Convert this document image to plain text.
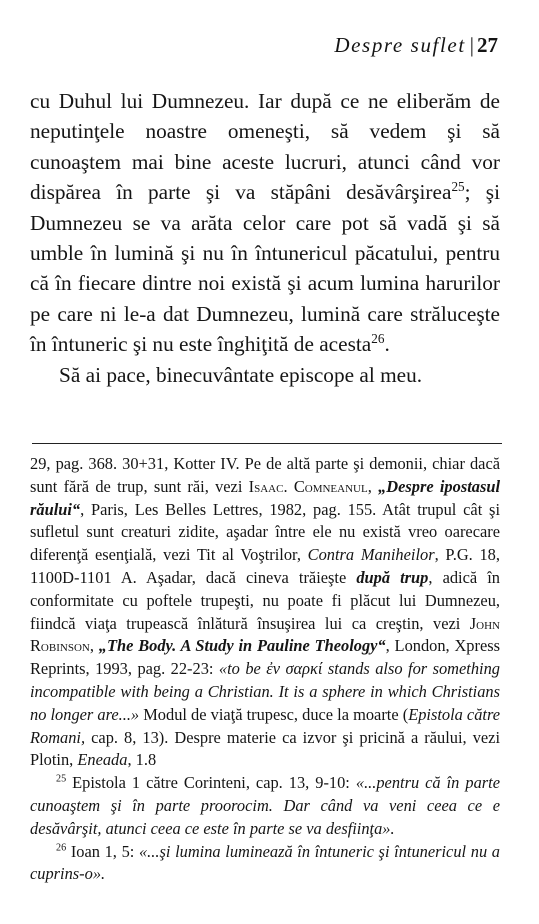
Despre suflet | 27

cu Duhul lui Dumnezeu. Iar după ce ne eliberăm de neputinţele noastre omeneşti, să vedem şi să cunoaştem mai bine aceste lucruri, atunci când vor dispărea în parte şi va stăpâni desăvârşirea$^{25}$; şi Dumnezeu se va arăta celor care pot să vadă şi să umble în lumină şi nu în întunericul păcatului, pentru că în fiecare dintre noi există şi acum lumina harurilor pe care ni le-a dat Dumnezeu, lumină care străluceşte în întuneric şi nu este înghiţită de acesta$^{26}$.

Să ai pace, binecuvântate episcope al meu.

29, pag. 368. 30+31, Kotter IV. Pe de altă parte şi demonii, chiar dacă sunt fără de trup, sunt răi, vezi Isaac. Comneanul, „Despre ipostasul răului“, Paris, Les Belles Lettres, 1982, pag. 155. Atât trupul cât şi sufletul sunt creaturi zidite, aşadar între ele nu există vreo oarecare diferenţă esenţială, vezi Tit al Voştrilor, Contra Maniheilor, P.G. 18, 1100D-1101 A. Aşadar, dacă cineva trăieşte după trup, adică în conformitate cu poftele trupeşti, nu poate fi plăcut lui Dumnezeu, fiindcă viaţa trupească înlătură însuşirea lui ca creştin, vezi John Robinson, „The Body. A Study in Pauline Theology“, London, Xpress Reprints, 1993, pag. 22-23: «to be ἐν σαρκί stands also for something incompatible with being a Christian. It is a sphere in which Christians no longer are...» Modul de viaţă trupesc, duce la moarte (Epistola către Romani, cap. 8, 13). Despre materie ca izvor şi pricină a răului, vezi Plotin, Eneada, 1.8

$^{25}$ Epistola 1 către Corinteni, cap. 13, 9-10: «...pentru că în parte cunoaştem şi în parte proorocim. Dar când va veni ceea ce e desăvârşit, atunci ceea ce este în parte se va desfiinţa».

$^{26}$ Ioan 1, 5: «...şi lumina luminează în întuneric şi întunericul nu a cuprins-o».
